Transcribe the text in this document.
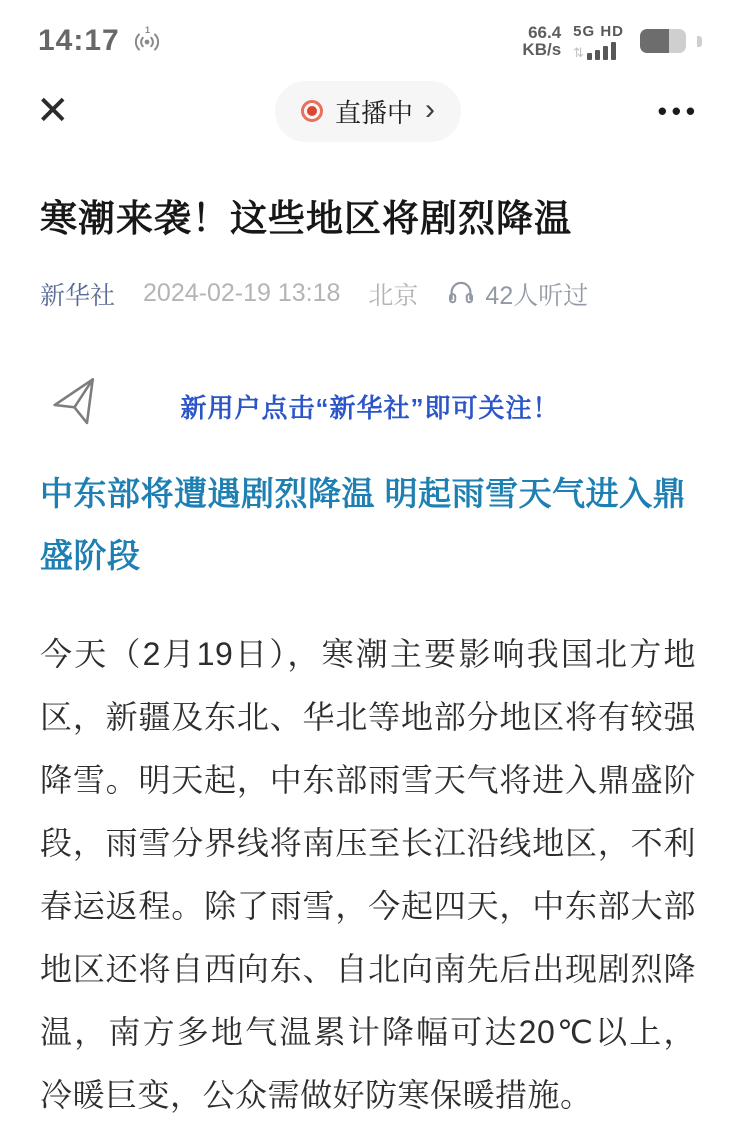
14:17	1	66.4
KB/s
5G HD
⇅
✕	直播中 ›	•••
寒潮来袭！这些地区将剧烈降温
新华社 2024-02-19 13:18 北京	42人听过
新用户点击“新华社”即可关注！
中东部将遭遇剧烈降温 明起雨雪天气进入鼎盛阶段

今天（2月19日），寒潮主要影响我国北方地区，新疆及东北、华北等地部分地区将有较强降雪。明天起，中东部雨雪天气将进入鼎盛阶段，雨雪分界线将南压至长江沿线地区，不利春运返程。除了雨雪，今起四天，中东部大部地区还将自西向东、自北向南先后出现剧烈降温，南方多地气温累计降幅可达20℃以上，冷暖巨变，公众需做好防寒保暖措施。
